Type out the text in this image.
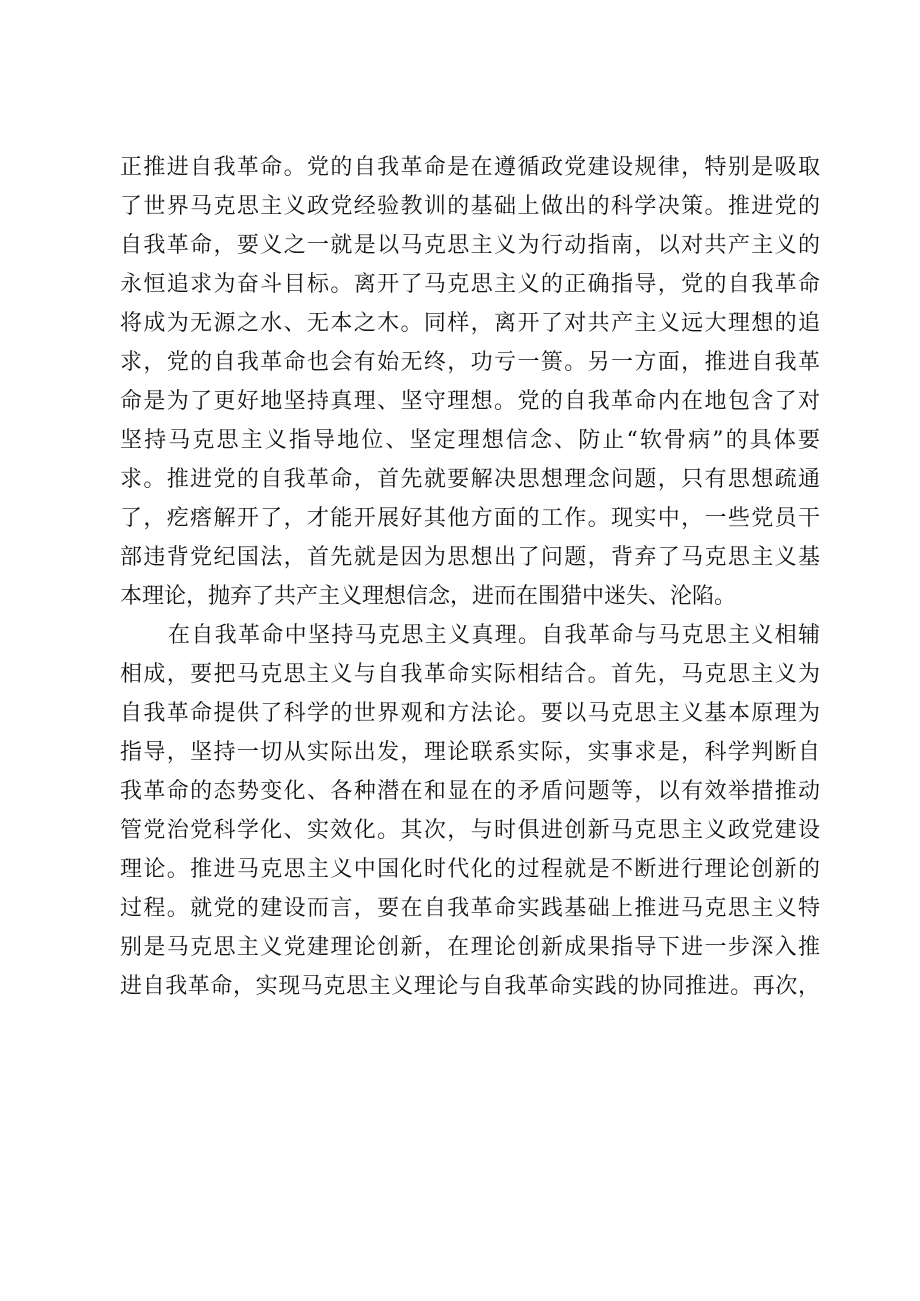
正推进自我革命。党的自我革命是在遵循政党建设规律，特别是吸取
了世界马克思主义政党经验教训的基础上做出的科学决策。推进党的
自我革命，要义之一就是以马克思主义为行动指南，以对共产主义的
永恒追求为奋斗目标。离开了马克思主义的正确指导，党的自我革命
将成为无源之水、无本之木。同样，离开了对共产主义远大理想的追
求，党的自我革命也会有始无终，功亏一篑。另一方面，推进自我革
命是为了更好地坚持真理、坚守理想。党的自我革命内在地包含了对
坚持马克思主义指导地位、坚定理想信念、防止“软骨病”的具体要
求。推进党的自我革命，首先就要解决思想理念问题，只有思想疏通
了，疙瘩解开了，才能开展好其他方面的工作。现实中，一些党员干
部违背党纪国法，首先就是因为思想出了问题，背弃了马克思主义基
本理论，抛弃了共产主义理想信念，进而在围猎中迷失、沦陷。
在自我革命中坚持马克思主义真理。自我革命与马克思主义相辅
相成，要把马克思主义与自我革命实际相结合。首先，马克思主义为
自我革命提供了科学的世界观和方法论。要以马克思主义基本原理为
指导，坚持一切从实际出发，理论联系实际，实事求是，科学判断自
我革命的态势变化、各种潜在和显在的矛盾问题等，以有效举措推动
管党治党科学化、实效化。其次，与时俱进创新马克思主义政党建设
理论。推进马克思主义中国化时代化的过程就是不断进行理论创新的
过程。就党的建设而言，要在自我革命实践基础上推进马克思主义特
别是马克思主义党建理论创新，在理论创新成果指导下进一步深入推
进自我革命，实现马克思主义理论与自我革命实践的协同推进。再次，
